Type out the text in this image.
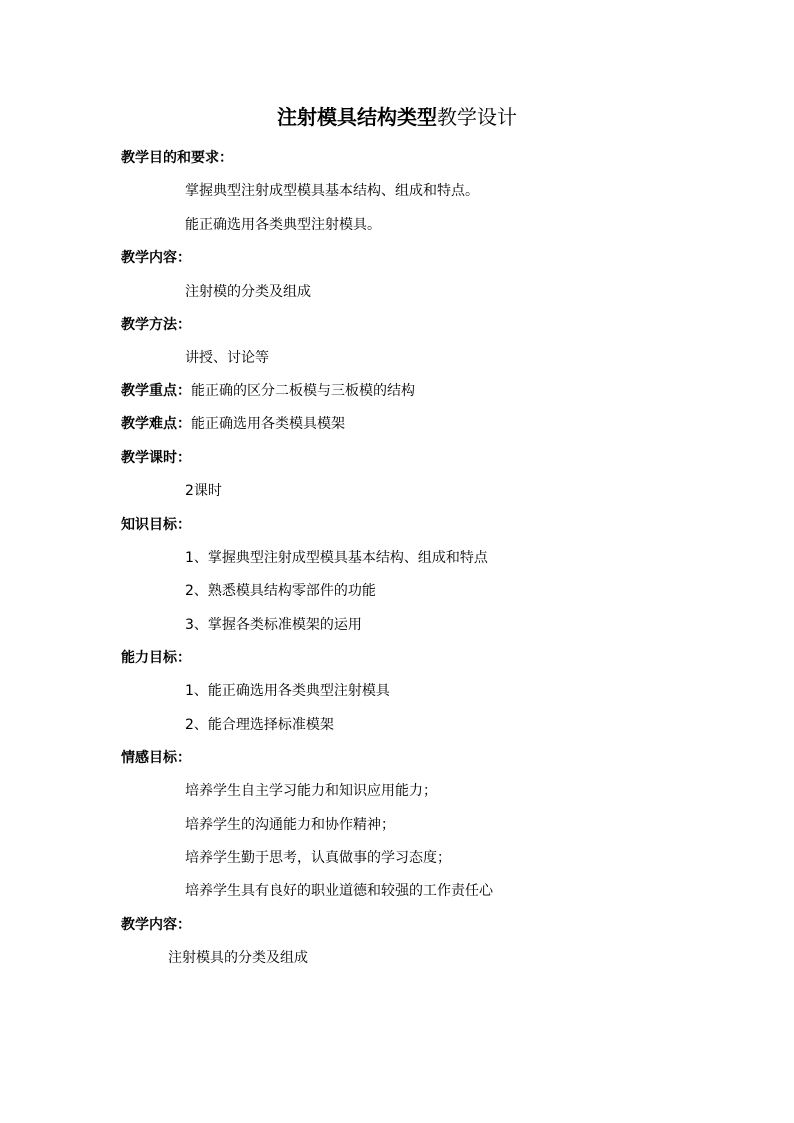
注射模具结构类型教学设计
教学目的和要求：
掌握典型注射成型模具基本结构、组成和特点。
能正确选用各类典型注射模具。
教学内容：
注射模的分类及组成
教学方法：
讲授、讨论等
教学重点：能正确的区分二板模与三板模的结构
教学难点：能正确选用各类模具模架
教学课时：
2课时
知识目标：
1、掌握典型注射成型模具基本结构、组成和特点
2、熟悉模具结构零部件的功能
3、掌握各类标准模架的运用
能力目标：
1、能正确选用各类典型注射模具
2、能合理选择标准模架
情感目标：
培养学生自主学习能力和知识应用能力；
培养学生的沟通能力和协作精神；
培养学生勤于思考，认真做事的学习态度；
培养学生具有良好的职业道德和较强的工作责任心
教学内容：
注射模具的分类及组成
